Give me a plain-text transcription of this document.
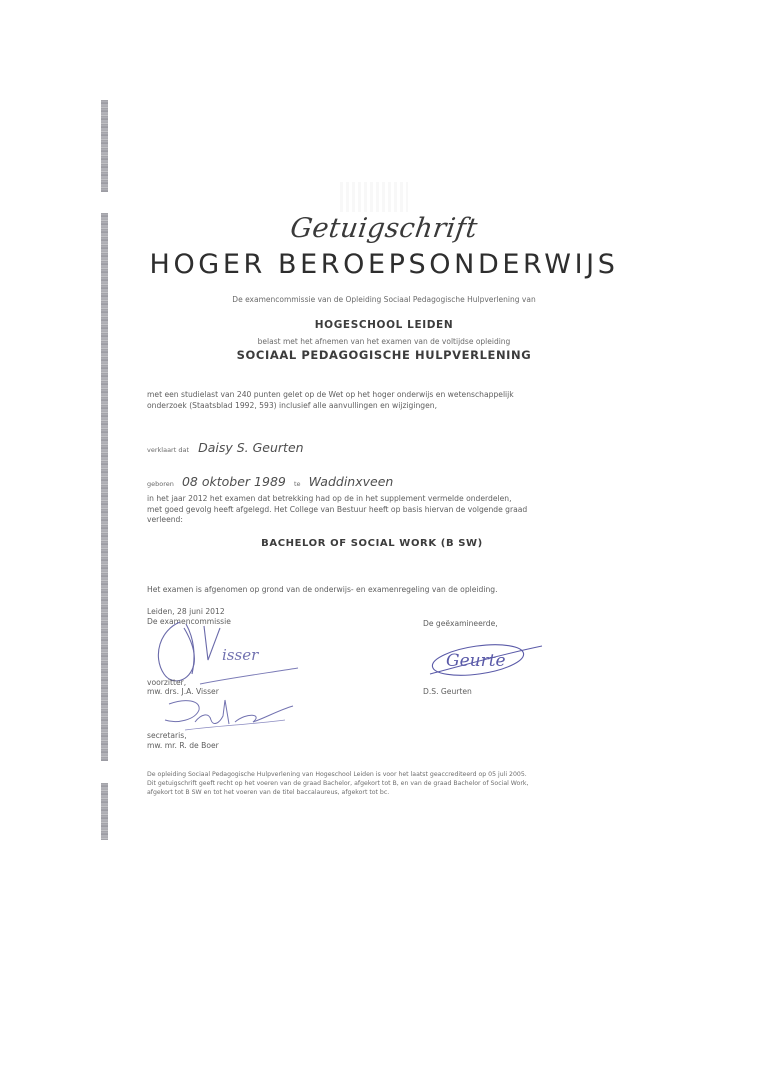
Getuigschrift
HOGER BEROEPSONDERWIJS
De examencommissie van de Opleiding Sociaal Pedagogische Hulpverlening van
HOGESCHOOL LEIDEN
belast met het afnemen van het examen van de voltijdse opleiding
SOCIAAL PEDAGOGISCHE HULPVERLENING
met een studielast van 240 punten gelet op de Wet op het hoger onderwijs en wetenschappelijk
onderzoek (Staatsblad 1992, 593) inclusief alle aanvullingen en wijzigingen,
verklaart dat Daisy S. Geurten
geboren 08 oktober 1989 te Waddinxveen
in het jaar 2012 het examen dat betrekking had op de in het supplement vermelde onderdelen,
met goed gevolg heeft afgelegd. Het College van Bestuur heeft op basis hiervan de volgende graad
verleend:
BACHELOR OF SOCIAL WORK (B SW)
Het examen is afgenomen op grond van de onderwijs- en examenregeling van de opleiding.
Leiden, 28 juni 2012
De examencommissie	De geëxamineerde,
isser
voorzitter,
mw. drs. J.A. Visser
Geurte
D.S. Geurten
secretaris,
mw. mr. R. de Boer
De opleiding Sociaal Pedagogische Hulpverlening van Hogeschool Leiden is voor het laatst geaccrediteerd op 05 juli 2005.
Dit getuigschrift geeft recht op het voeren van de graad Bachelor, afgekort tot B, en van de graad Bachelor of Social Work,
afgekort tot B SW en tot het voeren van de titel baccalaureus, afgekort tot bc.
